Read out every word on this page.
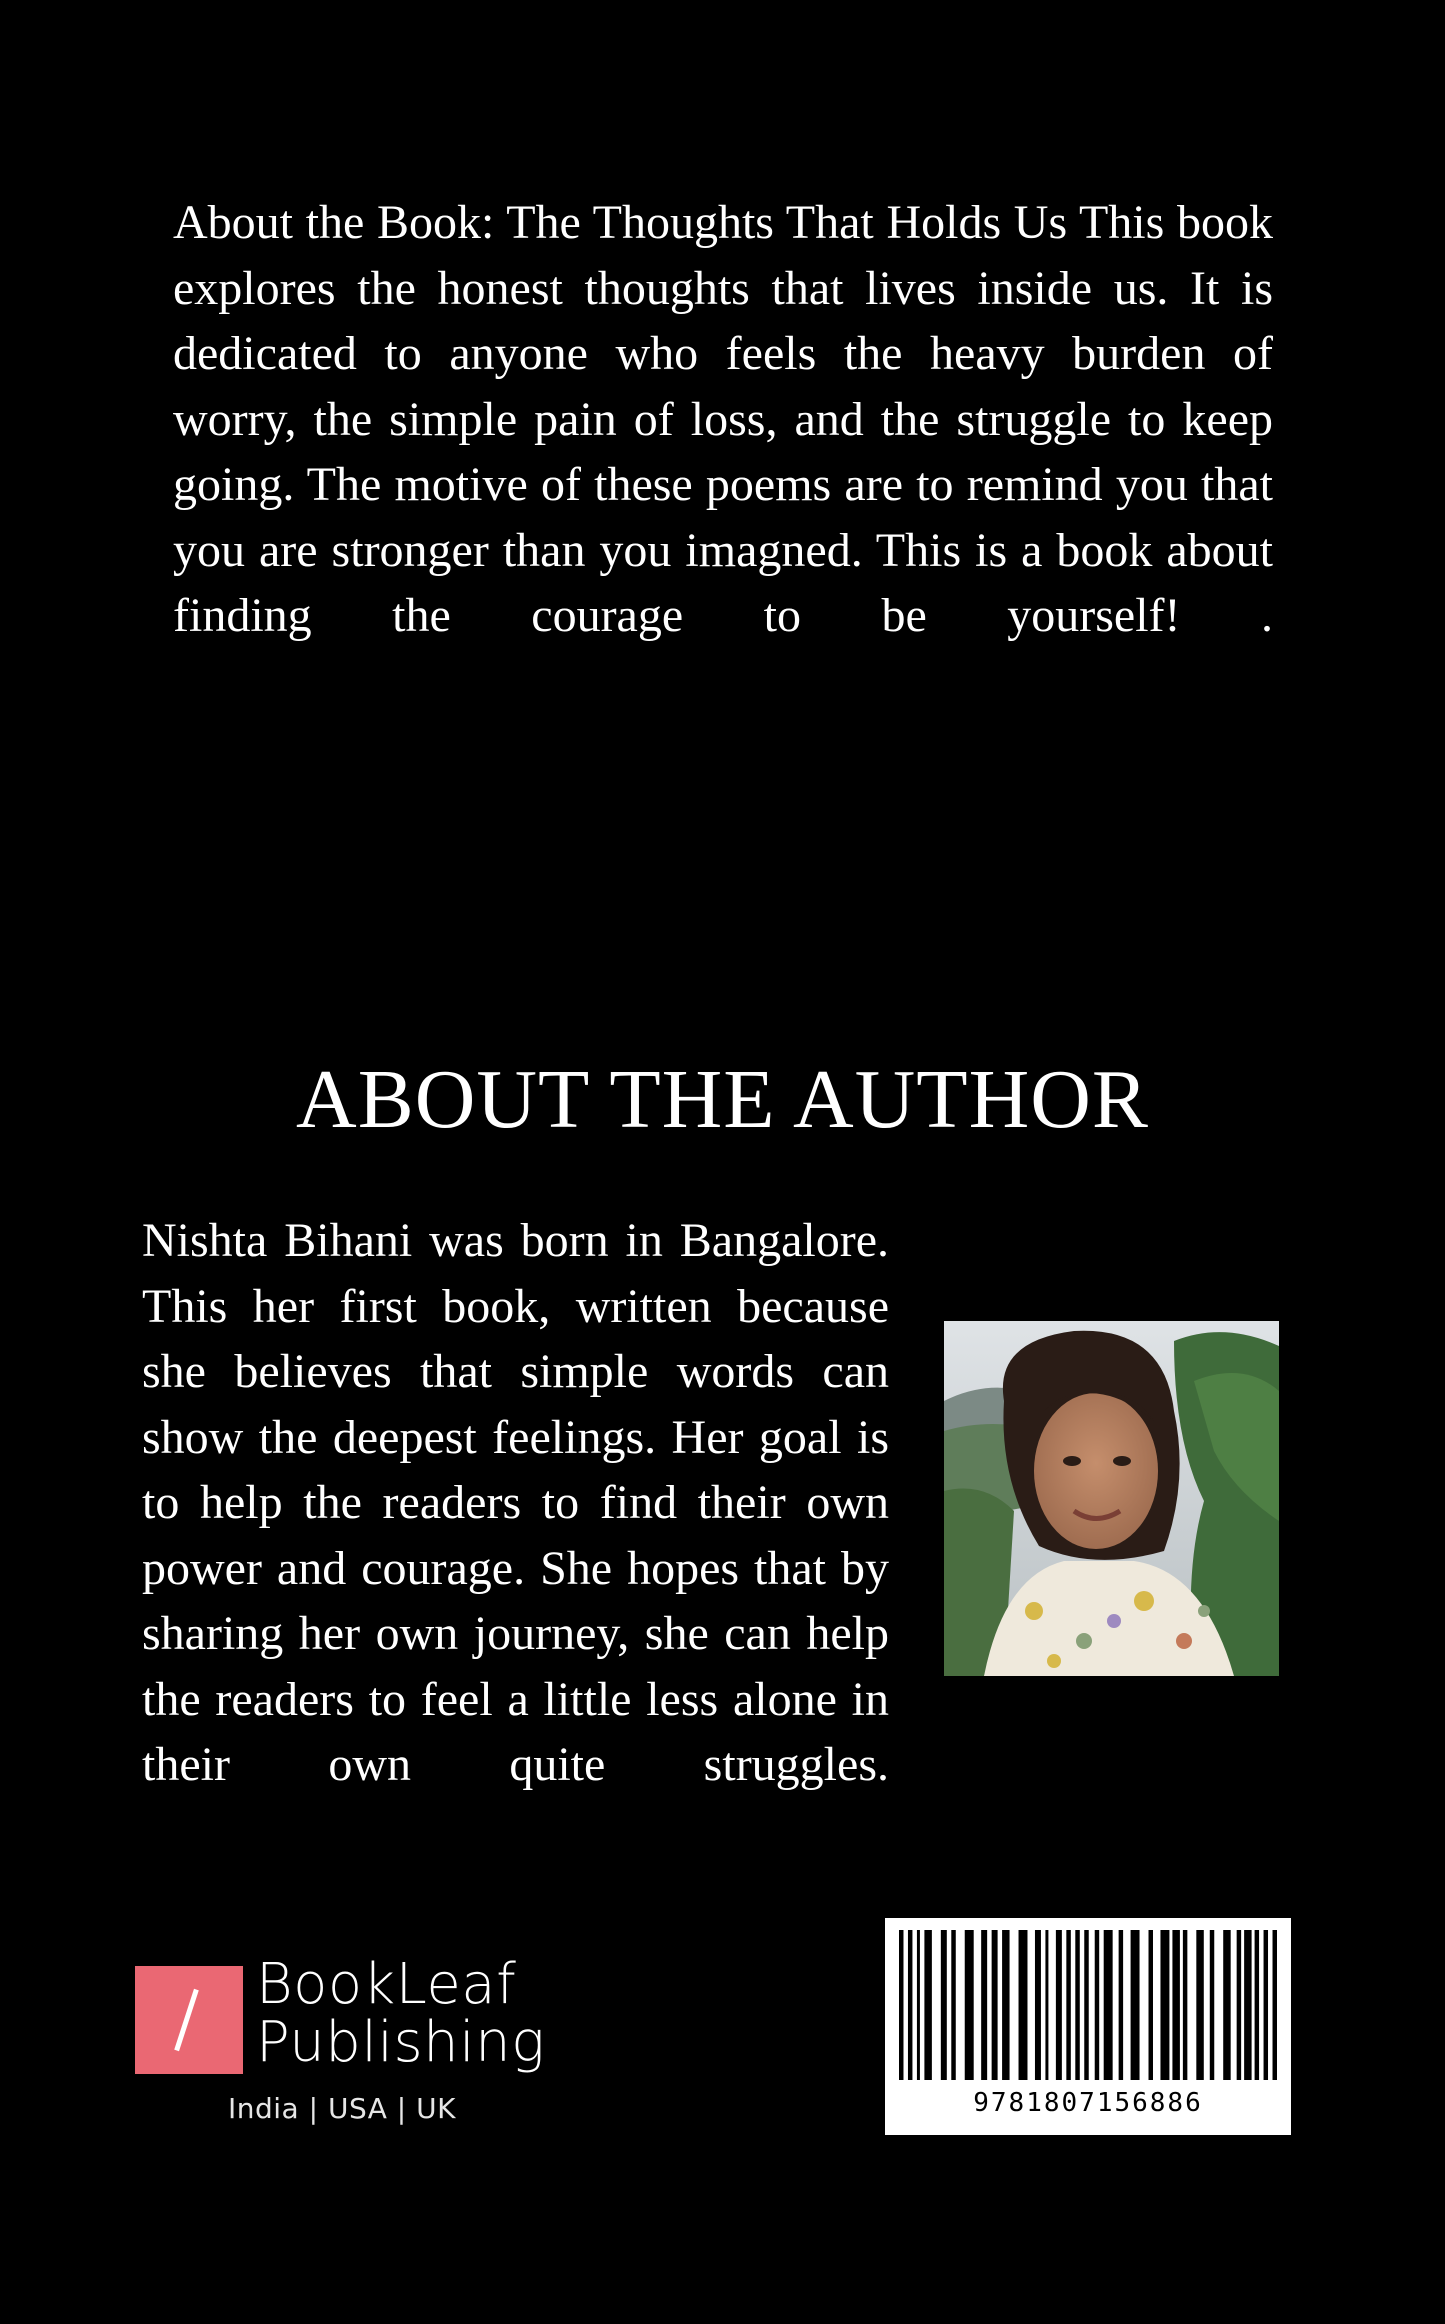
About the Book: The Thoughts That Holds Us This book explores the honest thoughts that lives inside us. It is dedicated to anyone who feels the heavy burden of worry, the simple pain of loss, and the struggle to keep going. The motive of these poems are to remind you that you are stronger than you imagned. This is a book about finding the courage to be yourself! .

ABOUT THE AUTHOR

Nishta Bihani was born in Bangalore. This her first book, written because she believes that simple words can show the deepest feelings. Her goal is to help the readers to find their own power and courage. She hopes that by sharing her own journey, she can help the readers to feel a little less alone in their own quite struggles.

BookLeaf
Publishing
India | USA | UK	9781807156886
